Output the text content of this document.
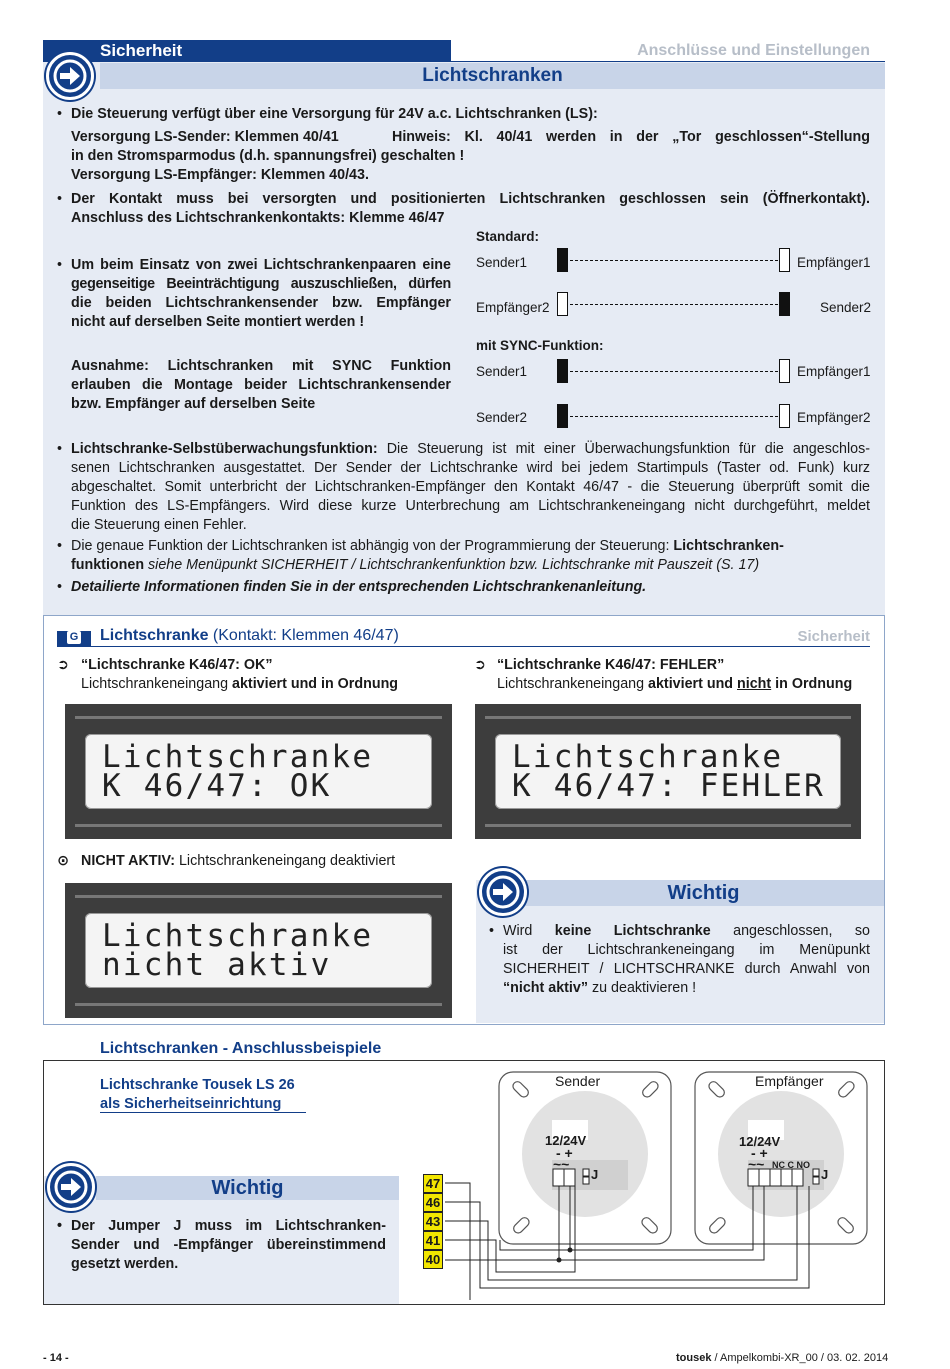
Sicherheit	Anschlüsse und Einstellungen
Lichtschranken
• Die Steuerung verfügt über eine Versorgung für 24V a.c. Lichtschranken (LS):
Versorgung LS-Sender: Klemmen 40/41	Hinweis: Kl. 40/41 werden in der „Tor geschlossen“-Stellung
in den Stromsparmodus (d.h. spannungsfrei) geschalten !
Versorgung LS-Empfänger: Klemmen 40/43.
• Der Kontakt muss bei versorgten und positionierten Lichtschranken geschlossen sein (Öffnerkontakt).
Anschluss des Lichtschrankenkontakts: Klemme 46/47
• Um beim Einsatz von zwei Lichtschrankenpaaren eine
gegenseitige Beeinträchtigung auszuschließen, dürfen
die beiden Lichtschrankensender bzw. Empfänger
nicht auf derselben Seite montiert werden !
Ausnahme: Lichtschranken mit SYNC Funktion
erlauben die Montage beider Lichtschrankensender
bzw. Empfänger auf derselben Seite
Standard:
Sender1	Empfänger1
Empfänger2	Sender2
mit SYNC-Funktion:
Sender1	Empfänger1
Sender2	Empfänger2
• Lichtschranke-Selbstüberwachungsfunktion: Die Steuerung ist mit einer Überwachungsfunktion für die angeschlos-
senen Lichtschranken ausgestattet. Der Sender der Lichtschranke wird bei jedem Startimpuls (Taster od. Funk) kurz
abgeschaltet. Somit unterbricht der Lichtschranken-Empfänger den Kontakt 46/47 - die Steuerung überprüft somit die
Funktion des LS-Empfängers. Wird diese kurze Unterbrechung am Lichtschrankeneingang nicht durchgeführt, meldet
die Steuerung einen Fehler.
• Die genaue Funktion der Lichtschranken ist abhängig von der Programmierung der Steuerung: Lichtschranken-
funktionen siehe Menüpunkt SICHERHEIT / Lichtschrankenfunktion bzw. Lichtschranke mit Pauszeit (S. 17)
• Detailierte Informationen finden Sie in der entsprechenden Lichtschrankenanleitung.
G Lichtschranke (Kontakt: Klemmen 46/47)	Sicherheit
➲ “Lichtschranke K46/47: OK”
Lichtschrankeneingang aktiviert und in Ordnung
➲ “Lichtschranke K46/47: FEHLER”
Lichtschrankeneingang aktiviert und nicht in Ordnung
Lichtschranke
K 46/47: OK
Lichtschranke
K 46/47: FEHLER
⊙ NICHT AKTIV: Lichtschrankeneingang deaktiviert
Lichtschranke
nicht aktiv
Wichtig
• Wird keine Lichtschranke angeschlossen, so
ist der Lichtschrankeneingang im Menüpunkt
SICHERHEIT / LICHTSCHRANKE durch Anwahl von
“nicht aktiv” zu deaktivieren !
Lichtschranken - Anschlussbeispiele
Lichtschranke Tousek LS 26
als Sicherheitseinrichtung
Wichtig
• Der Jumper J muss im Lichtschranken-
Sender und -Empfänger übereinstimmend
gesetzt werden.
47
46
43
41
40
Sender	Empfänger
12/24V
- +
~~
J
12/24V
- +
~~ NC C NO
J
- 14 -	tousek / Ampelkombi-XR_00 / 03. 02. 2014
